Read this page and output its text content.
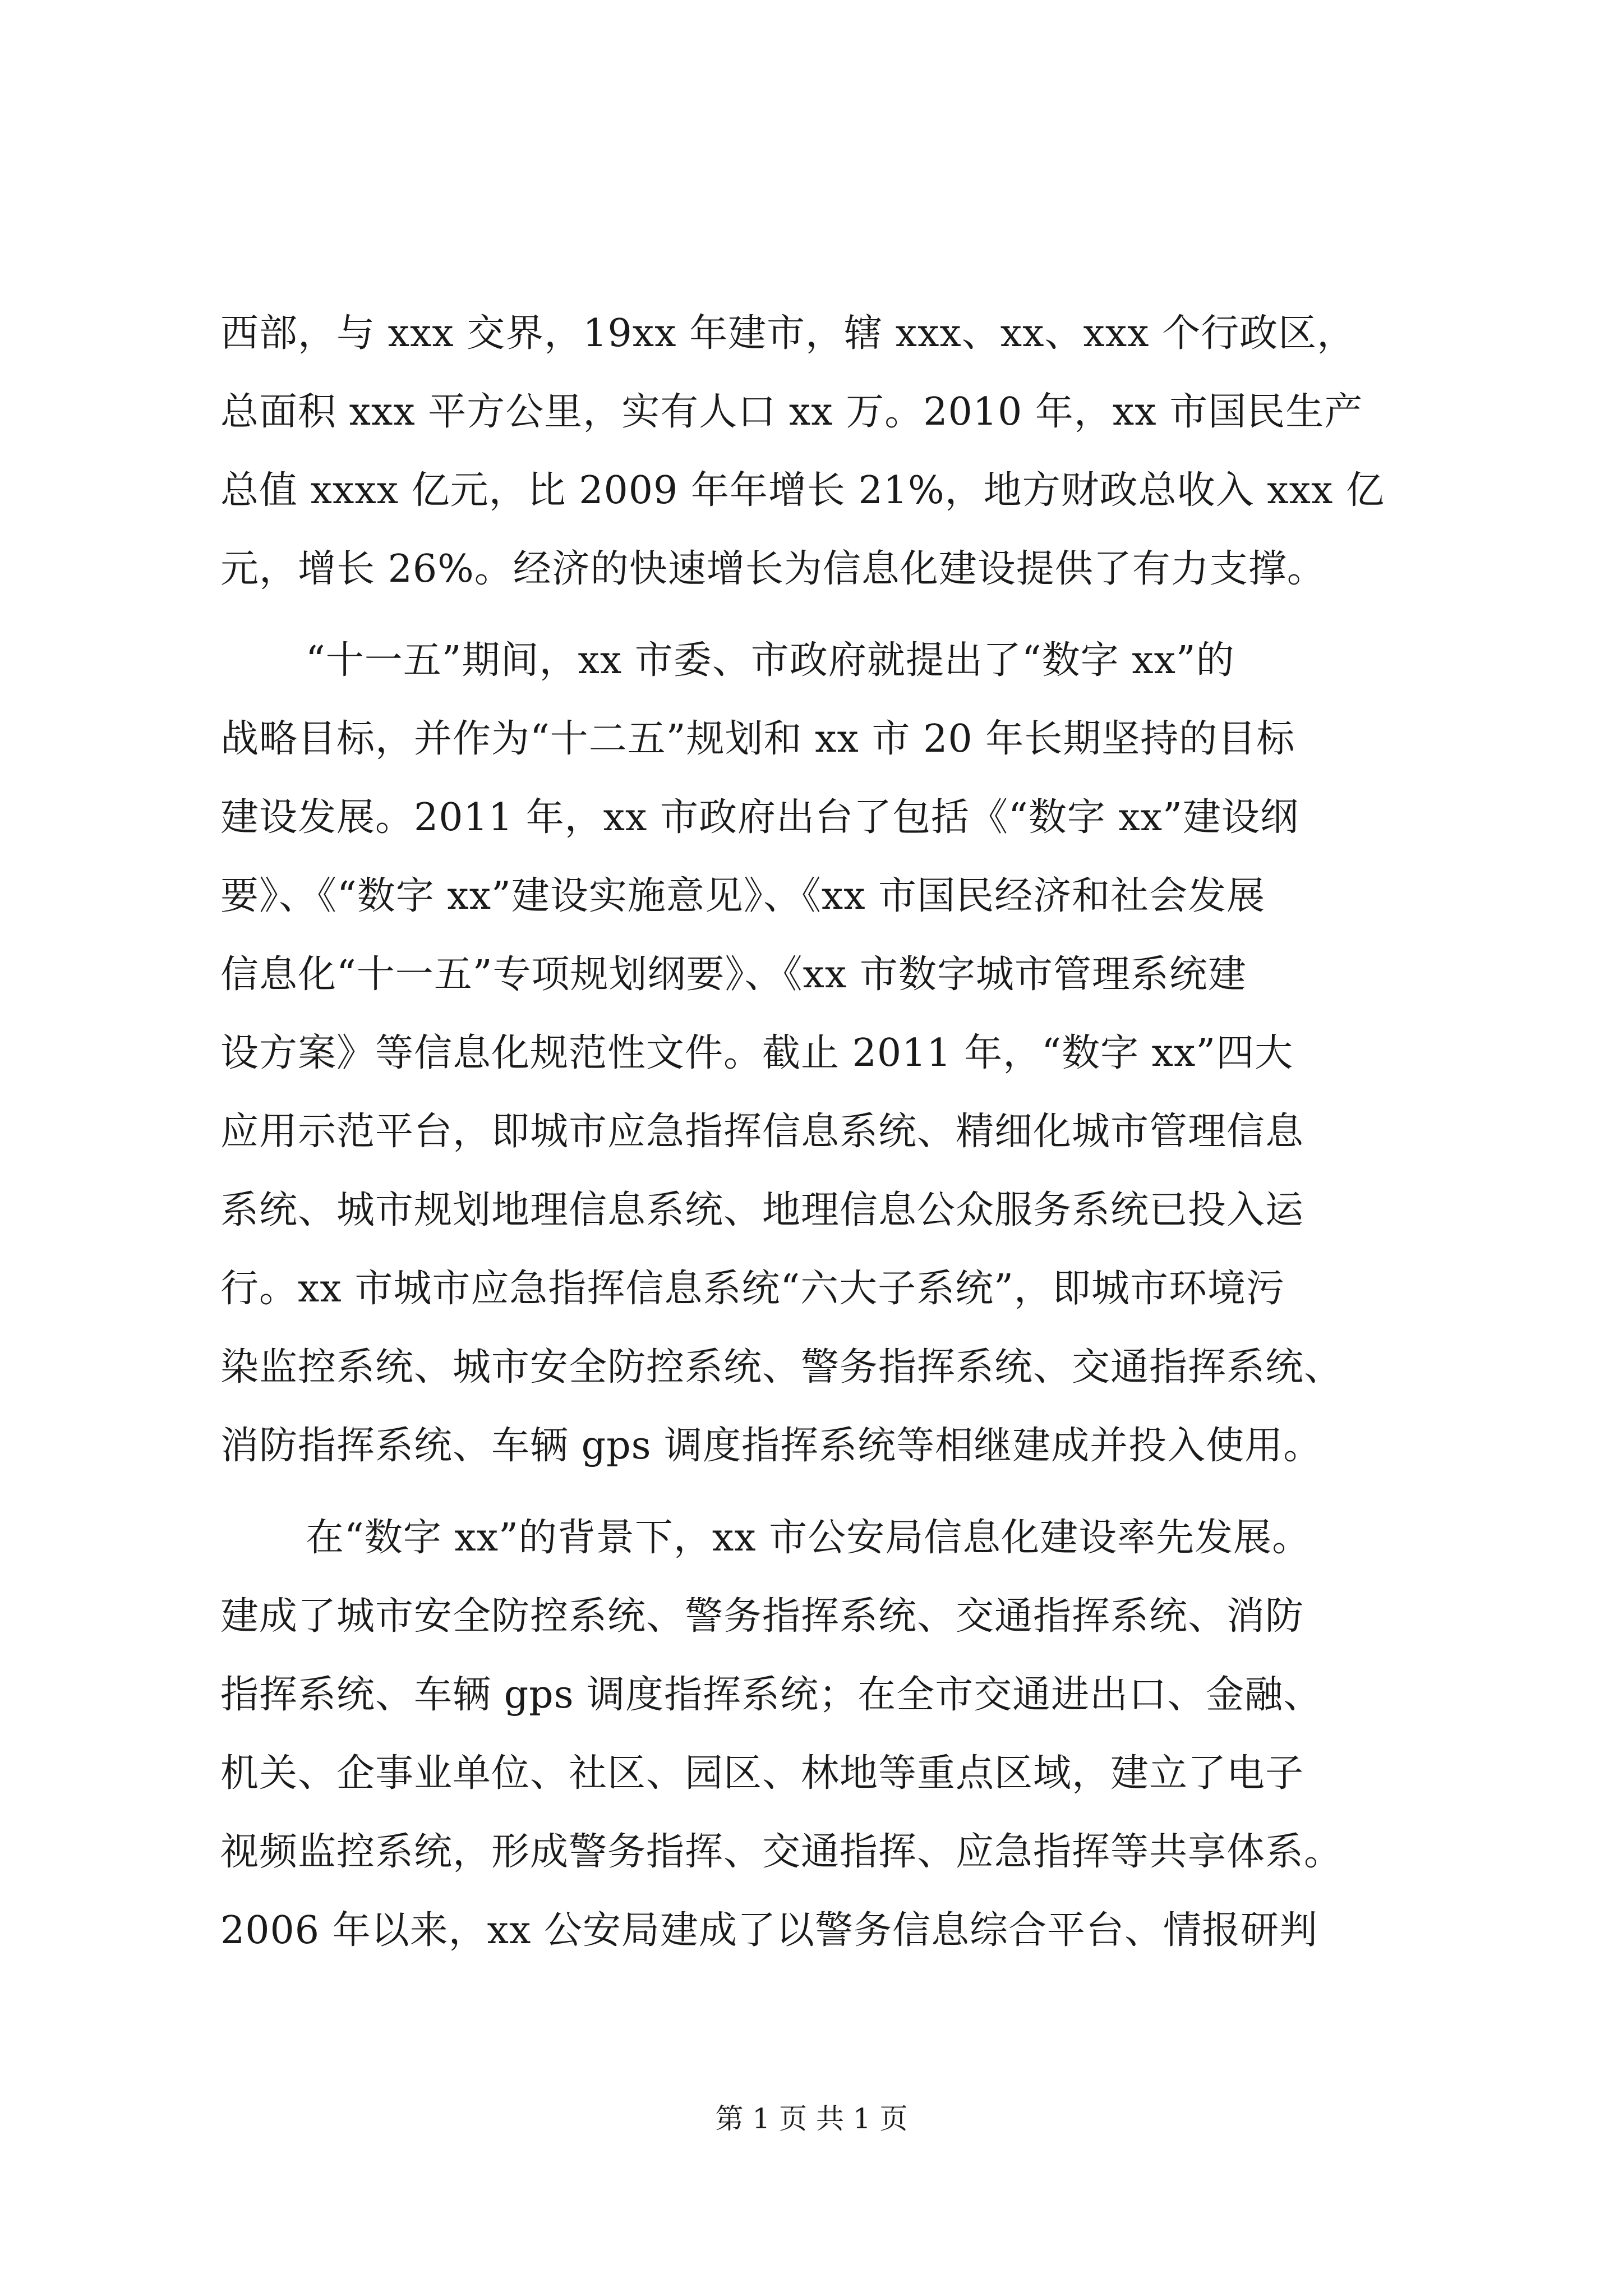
西部，与 xxx 交界，19xx 年建市，辖 xxx、xx、xxx 个行政区，
总面积 xxx 平方公里，实有人口 xx 万。2010 年，xx 市国民生产
总值 xxxx 亿元，比 2009 年年增长 21%，地方财政总收入 xxx 亿
元，增长 26%。经济的快速增长为信息化建设提供了有力支撑。
“十一五”期间，xx 市委、市政府就提出了“数字 xx”的
战略目标，并作为“十二五”规划和 xx 市 20 年长期坚持的目标
建设发展。2011 年，xx 市政府出台了包括《“数字 xx”建设纲
要》、《“数字 xx”建设实施意见》、《xx 市国民经济和社会发展
信息化“十一五”专项规划纲要》、《xx 市数字城市管理系统建
设方案》等信息化规范性文件。截止 2011 年，“数字 xx”四大
应用示范平台，即城市应急指挥信息系统、精细化城市管理信息
系统、城市规划地理信息系统、地理信息公众服务系统已投入运
行。xx 市城市应急指挥信息系统“六大子系统”，即城市环境污
染监控系统、城市安全防控系统、警务指挥系统、交通指挥系统、
消防指挥系统、车辆 gps 调度指挥系统等相继建成并投入使用。
在“数字 xx”的背景下，xx 市公安局信息化建设率先发展。
建成了城市安全防控系统、警务指挥系统、交通指挥系统、消防
指挥系统、车辆 gps 调度指挥系统；在全市交通进出口、金融、
机关、企事业单位、社区、园区、林地等重点区域，建立了电子
视频监控系统，形成警务指挥、交通指挥、应急指挥等共享体系。
2006 年以来，xx 公安局建成了以警务信息综合平台、情报研判
第 1 页 共 1 页
